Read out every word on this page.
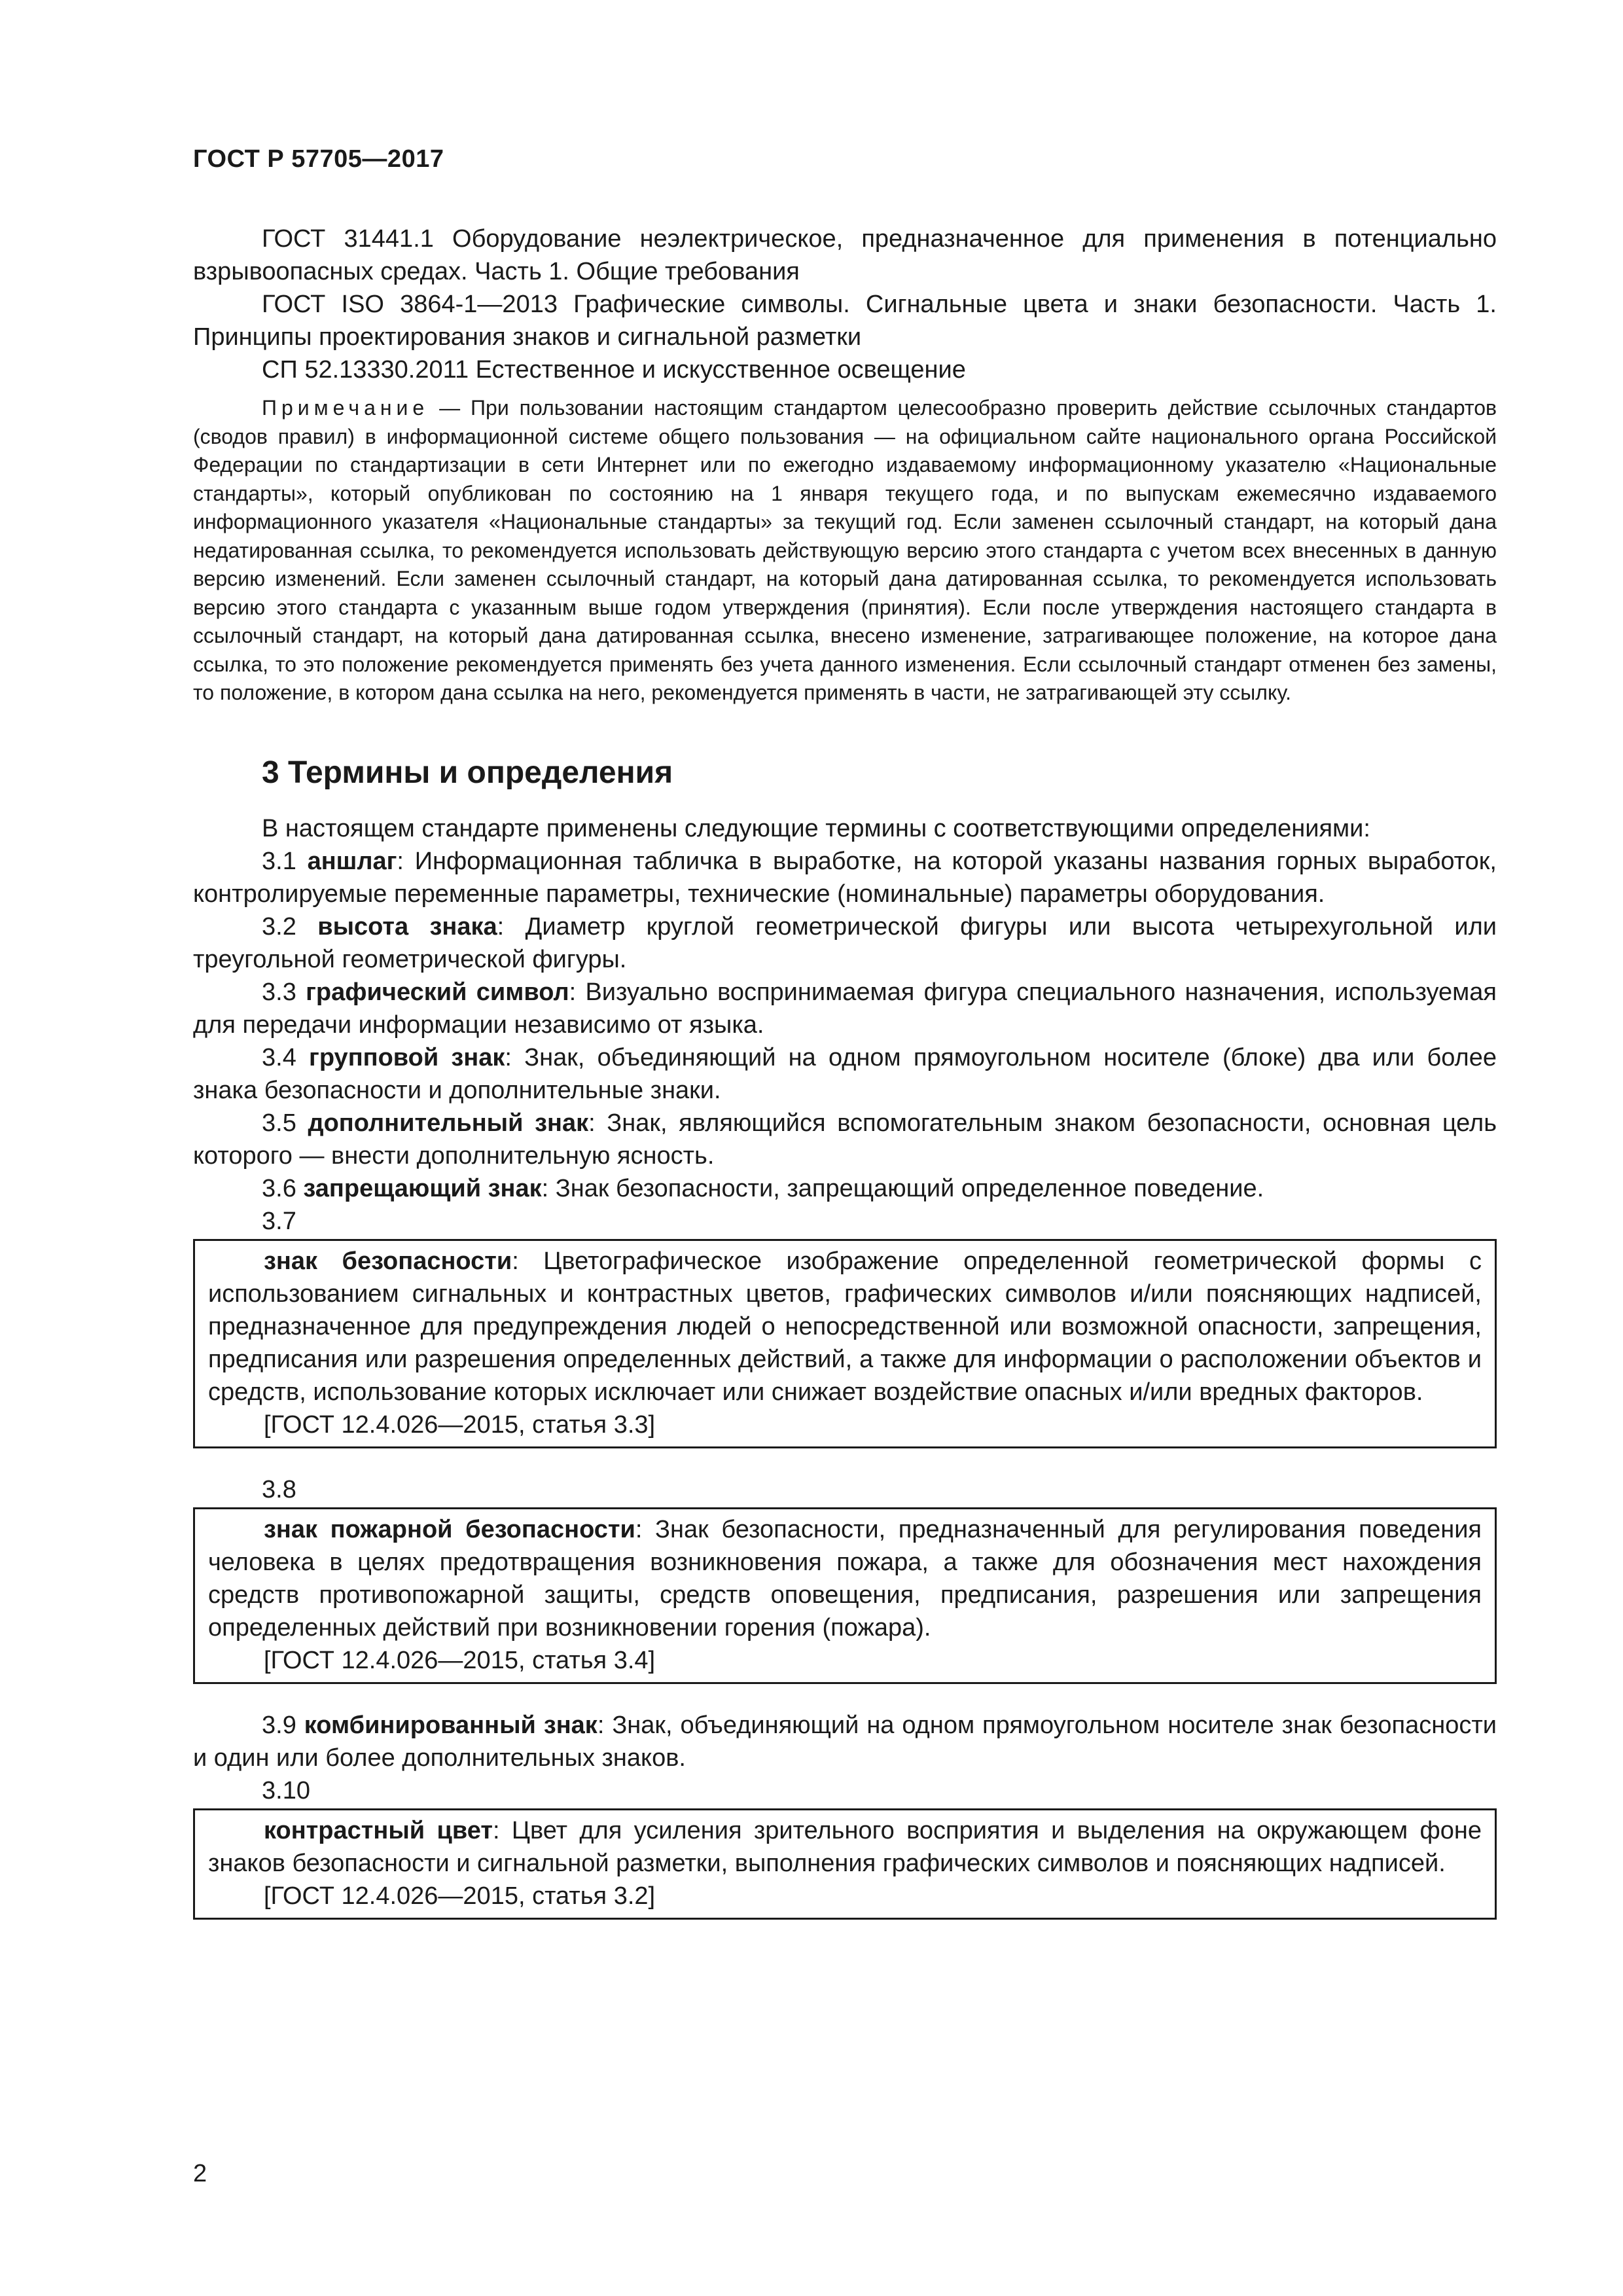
ГОСТ Р 57705—2017

ГОСТ 31441.1 Оборудование неэлектрическое, предназначенное для применения в потенциально взрывоопасных средах. Часть 1. Общие требования

ГОСТ ISO 3864-1—2013 Графические символы. Сигнальные цвета и знаки безопасности. Часть 1. Принципы проектирования знаков и сигнальной разметки

СП 52.13330.2011 Естественное и искусственное освещение

Примечание — При пользовании настоящим стандартом целесообразно проверить действие ссылочных стандартов (сводов правил) в информационной системе общего пользования — на официальном сайте национального органа Российской Федерации по стандартизации в сети Интернет или по ежегодно издаваемому информационному указателю «Национальные стандарты», который опубликован по состоянию на 1 января текущего года, и по выпускам ежемесячно издаваемого информационного указателя «Национальные стандарты» за текущий год. Если заменен ссылочный стандарт, на который дана недатированная ссылка, то рекомендуется использовать действующую версию этого стандарта с учетом всех внесенных в данную версию изменений. Если заменен ссылочный стандарт, на который дана датированная ссылка, то рекомендуется использовать версию этого стандарта с указанным выше годом утверждения (принятия). Если после утверждения настоящего стандарта в ссылочный стандарт, на который дана датированная ссылка, внесено изменение, затрагивающее положение, на которое дана ссылка, то это положение рекомендуется применять без учета данного изменения. Если ссылочный стандарт отменен без замены, то положение, в котором дана ссылка на него, рекомендуется применять в части, не затрагивающей эту ссылку.

3 Термины и определения

В настоящем стандарте применены следующие термины с соответствующими определениями:

3.1 аншлаг: Информационная табличка в выработке, на которой указаны названия горных выработок, контролируемые переменные параметры, технические (номинальные) параметры оборудования.

3.2 высота знака: Диаметр круглой геометрической фигуры или высота четырехугольной или треугольной геометрической фигуры.

3.3 графический символ: Визуально воспринимаемая фигура специального назначения, используемая для передачи информации независимо от языка.

3.4 групповой знак: Знак, объединяющий на одном прямоугольном носителе (блоке) два или более знака безопасности и дополнительные знаки.

3.5 дополнительный знак: Знак, являющийся вспомогательным знаком безопасности, основная цель которого — внести дополнительную ясность.

3.6 запрещающий знак: Знак безопасности, запрещающий определенное поведение.

3.7

знак безопасности: Цветографическое изображение определенной геометрической формы с использованием сигнальных и контрастных цветов, графических символов и/или поясняющих надписей, предназначенное для предупреждения людей о непосредственной или возможной опасности, запрещения, предписания или разрешения определенных действий, а также для информации о расположении объектов и средств, использование которых исключает или снижает воздействие опасных и/или вредных факторов.

[ГОСТ 12.4.026—2015, статья 3.3]

3.8

знак пожарной безопасности: Знак безопасности, предназначенный для регулирования поведения человека в целях предотвращения возникновения пожара, а также для обозначения мест нахождения средств противопожарной защиты, средств оповещения, предписания, разрешения или запрещения определенных действий при возникновении горения (пожара).

[ГОСТ 12.4.026—2015, статья 3.4]

3.9 комбинированный знак: Знак, объединяющий на одном прямоугольном носителе знак безопасности и один или более дополнительных знаков.

3.10

контрастный цвет: Цвет для усиления зрительного восприятия и выделения на окружающем фоне знаков безопасности и сигнальной разметки, выполнения графических символов и поясняющих надписей.

[ГОСТ 12.4.026—2015, статья 3.2]

2
